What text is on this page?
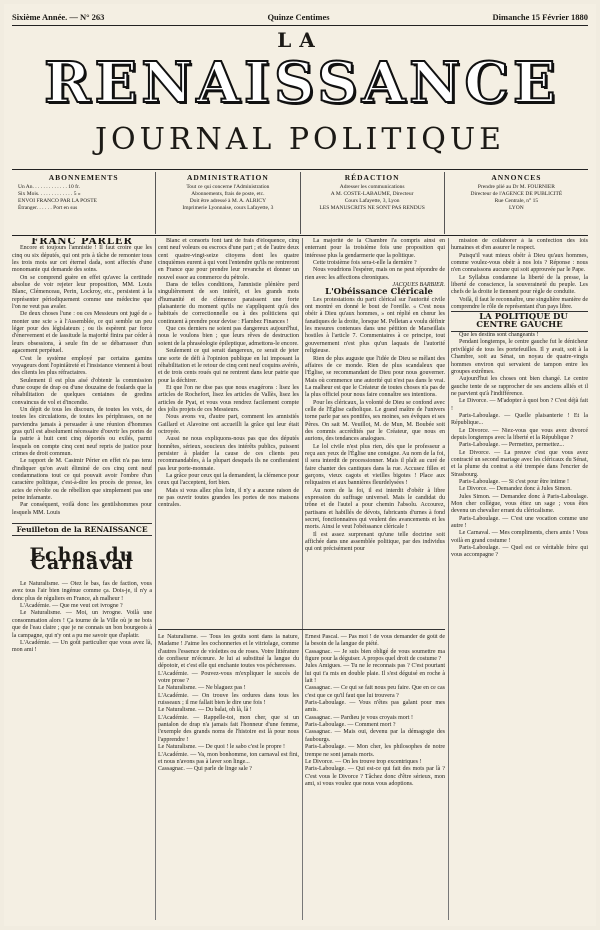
Sixième Année. — N° 263	Quinze Centimes	Dimanche 15 Février 1880
LA
RENAISSANCE
JOURNAL POLITIQUE
ABONNEMENTS

Un An. . . . . . . . . . . . . 10 fr.

Six Mois. . . . . . . . . . . . . 5 »

ENVOI FRANCO PAR LA POSTE

Étranger. . . . . . Port en sus

ADMINISTRATION

Tout ce qui concerne l'Administration

Abonnements, frais de poste, etc.

Doit être adressé à M. A. ALRICY

Imprimerie Lyonnaise, cours Lafayette, 3

RÉDACTION

Adresser les communications

A M. COSTE-LABAUME, Directeur

Cours Lafayette, 3, Lyon

LES MANUSCRITS NE SONT PAS RENDUS

ANNONCES

Prendre plié au Dr M. FOURNIER

Directeur de l'AGENCE DE PUBLICITÉ

Rue Centrale, n° 15

LYON

FRANC PARLER

Encore et toujours l'amnistie ! Il faut croire que les cinq ou six députés, qui ont pris à tâche de remonter tous les trois mois sur cet éternel dada, sont affectés d'une monomanie qui demande des soins.

On se comprend guère en effet qu'avec la certitude absolue de voir rejeter leur proposition, MM. Louis Blanc, Clémenceau, Perin, Lockroy, etc., persistent à la représenter périodiquement comme une médecine que l'on ne veut pas avaler.

De deux choses l'une : ou ces Messieurs ont jugé de » monter une scie » à l'Assemblée, ce qui semble un peu léger pour des législateurs ; ou ils espèrent par force d'énervement et de lassitude la majorité finira par céder à leurs obsessions, à seule fin de se débarrasser d'un agacement perpétuel.

C'est le système employé par certains gamins voyageurs dont l'opiniâtreté et l'insistance viennent à bout des clients les plus réfractaires.

Seulement il est plus aisé d'obtenir la commission d'une coupe de drap ou d'une douzaine de foulards que la réhabilitation de quelques centaines de gredins convaincus de vol et d'incendie.

Un dépit de tous les discours, de toutes les voix, de toutes les circulations, de toutes les périphrases, on ne parviendra jamais à persuader à une réunion d'hommes gras qu'il est absolument nécessaire d'ouvrir les portes de la patrie à huit cent cinq déportés ou exilés, parmi lesquels on compte cinq cent neuf repris de justice pour crimes de droit commun.

Le rapport de M. Casimir Périer en effet n'a pas tenu d'indiquer qu'on avait éliminé de ces cinq cent neuf condamnations tout ce qui pouvait avoir l'ombre d'un caractère politique, c'est-à-dire les procès de presse, les actes de révolte ou de rébellion que simplement pas une peine infamante.

Par conséquent, voilà donc les gentilshommes pour lesquels MM. Louis

Feuilleton de la RENAISSANCE
Echos du Carnaval

Le Naturalisme. — Otez le bas, fas de faction, vous avez tous l'air bien ingénue comme ça. Dois-je, il n'y a donc plus de réguliers en France, ah malheur !

L'Académie. — Que me veut cet ivrogne ?

Le Naturalisme. — Moi, un ivrogne. Voilà une consommation alors ! Ça tourne de la Ville où je ne bois que de l'eau claire ; que je ne connais un bon bourgeois à la campagne, qui n'y ont a pu me savoir que d'aplatir.

L'Académie. — Un goût particulier que vous avez là, mon ami !

Blanc et consorts font tant de frais d'éloquence, cinq cent neuf voleurs ou escrocs d'une part ; et de l'autre deux cent quatre-vingt-seize citoyens dont les quatre cinquièmes eurent à qui vont l'entendre qu'ils ne rentreront en France que pour prendre leur revanche et donner un nouvel essor au commerce du pétrole.

Dans de telles conditions, l'amnistie plénière perd singulièrement de son intérêt, et les grands mots d'humanité et de clémence paraissent une forte plaisanterie du moment qu'ils ne s'appliquent qu'à des habitués de correctionnelle ou à des politiciens qui continuent à prendre pour devise : Flambez Finances !

Que ces derniers ne soient pas dangereux aujourd'hui, nous le voulons bien ; que leurs rêves de destruction soient de la phraséologie épileptique, admettons-le encore.

Seulement ce qui serait dangereux, ce serait de jeter une sorte de défi à l'opinion publique en lui imposant la réhabilitation et le retour de cinq cent neuf coquins avérés, et de trois cents roués qui ne rentrent dans leur patrie que pour la déchirer.

Et que l'on ne dise pas que nous exagérons : lisez les articles de Rochefort, lisez les articles de Vallès, lisez les articles de Pyat, et vous vous rendrez facilement compte des jolis projets de ces Messieurs.

Nous avons vu, d'autre part, comment les amnistiés Gaillard et Alavoine ont accueilli la grâce qui leur était octroyée.

Aussi ne nous expliquons-nous pas que des députés honnêtes, sérieux, soucieux des intérêts publics, puissent persister à plaider la cause de ces clients peu recommandables, à la plupart desquels ils ne confieraient pas leur porte-monnaie.

La grâce pour ceux qui la demandent, la clémence pour ceux qui l'acceptent, fort bien.

Mais si vous allez plus loin, il n'y a aucune raison de ne pas ouvrir toutes grandes les portes de nos maisons centrales.

La majorité de la Chambre l'a compris ainsi en enterrant pour la troisième fois une proposition qui intéresse plus la gendarmerie que la politique.

Cette troisième fois sera-t-elle la dernière ?

Nous voudrions l'espérer, mais on ne peut répondre de rien avec les affections chroniques.

JACQUES BARBIER.

L'Obéissance Cléricale

Les protestations du parti clérical sur l'autorité civile ont montré en donné le bout de l'oreille. « C'est nous obéir à Dieu qu'aux hommes, » ont réplié en chœur les fanatiques de la droite, lorsque M. Pelletan a voulu définir les mesures contenues dans une pétition de Marseillais hostiles à l'article 7. Commentaires à ce principe, tout gouvernement n'est plus qu'un laquais de l'autorité religieuse.

Rien de plus auguste que l'idée de Dieu se mêlant des affaires de ce monde. Rien de plus scandaleux que l'Église, se recommandant de Dieu pour nous gouverner. Mais où commence une autorité qui n'est pas dans le vrai. La malheur est que le Créateur de toutes choses n'a pas de la plus officiel pour nous faire connaître ses intentions.

Pour les cléricaux, la volonté de Dieu se confond avec celle de l'Église catholique. Le grand maître de l'univers torne parle par ses pontifes, ses moines, ses évêques et ses Pères. On sait M. Veuillot, M. de Mun, M. Boubée soit des commis accrédités par le Créateur, que nous en aurions, des tendances analogues.

Le lol civile n'est plus rien, dès que le professeur a reçu aux yeux de l'Église une consigne. Au nom de la foi, il sera interdit de processionner. Mais il plaît au curé de faire chanter des cantiques dans la rue. Accusez filles et garçons, vieux cagots et vieilles bigotes ! Place aux reliquaires et aux bannières fleurdelysées !

Au nom de la foi, il est interdit d'obéir à libre expression du suffrage universel. Mais le candidat du trône et de l'autel a pour chemin l'absolu. Accourez, partisans et habillés de dévots, fabricants d'urnes à fond secret, fonctionnaires qui veulent des avancements et les morts. Ainsi le veut l'obéissance cléricale !

Il est assez surprenant qu'une telle doctrine soit affichée dans une assemblée politique, par des individus qui ont précisément pour

mission de collaborer à la confection des lois humaines et d'en assurer le respect.

Puisqu'il vaut mieux obéir à Dieu qu'aux hommes, comme voulez-vous obéir à nos lois ? Réponse : nous n'en connaissons aucune qui soit approuvée par le Pape.

Le Syllabus condamne la liberté de la presse, la liberté de conscience, la souveraineté du peuple. Les chefs de la droite le tiennent pour règle de conduite.

Voilà, il faut le reconnaître, une singulière manière de comprendre le rôle de représentant d'un pays libre.

LA POLITIQUE DU CENTRE GAUCHE

Que les destins sont changeants !

Pendant longtemps, le centre gauche fut le dénicheur privilégié de tous les portefeuilles. Il y avait, soit à la Chambre, soit au Sénat, un noyau de quatre-vingts hommes environ qui servaient de tampon entre les groupes extrêmes.

Aujourd'hui les choses ont bien changé. Le centre gauche tente de se rapprocher de ses anciens alliés et il ne parvient qu'à l'indifférence.

Le Divorce. — M'adopter à quoi bon ? C'est déjà fait !

Paris-Laboulage. — Quelle plaisanterie ! Et la République...

Le Divorce. — Niez-vous que vous avez divorcé depuis longtemps avec la liberté et la République ?

Paris-Laboulage. — Permettez, permettez...

Le Divorce. — La preuve c'est que vous avez contracté un second mariage avec les cléricaux du Sénat, et la plume du contrat a été trempée dans l'encrier de Strasbourg.

Paris-Laboulage. — Si c'est pour être intime !

Le Divorce. — Demandez donc à Jules Simon.

Jules Simon. — Demandez donc à Paris-Laboulage. Mon cher collègue, vous étiez un sage ; vous êtes devenu un chevalier errant du cléricalisme.

Paris-Laboulage. — C'est une vocation comme une autre !

Le Carnaval. — Mes compliments, chers amis ! Vous voilà en grand costume !

Paris-Laboulage. — Quel est ce véritable frère qui vous accompagne ?

Le Naturalisme. — Tous les goûts sont dans la nature, Madame ! J'aime les cochonneries et le vitriolage, comme d'autres l'essence de violettes ou de roses. Votre littérature de confiseur m'écœure. Je lui ai substitué la langue du dépotoir, et c'est elle qui enchante toutes vos pécheresses.

L'Académie. — Pouvez-vous m'expliquer le succès de votre prose ?

Le Naturalisme. — Ne blaguez pas !

L'Académie. — On trouve les ordures dans tous les ruisseaux ; il me fallait bien le dire une fois !

Le Naturalisme. — Du balai, oh là, là !

L'Académie. — Rappelle-toi, mon cher, que si un pantalon de drap n'a jamais fait l'honneur d'une femme, l'exemple des grands noms de l'histoire est là pour nous l'apprendre !

Le Naturalisme. — De quoi ! le sabo c'est le propre !

L'Académie. — Va, mon bonhomme, ton carnaval est fini, et nous n'avons pas à laver son linge...

Cassagnac. — Qui parle de linge sale ?

Ernest Pascal. — Pas moi ! de vous demander de goût de la besoin de la langue de piété.

Cassagnac. — Je suis bien obligé de vous soumettre ma figure pour la déguiser. A propos quel droit de costume ?

Jules Amigues. — Tu ne le reconnais pas ? C'est pourtant lui qui t'a mis en double plaie. Il s'est déguisé en roche à lait !

Cassagnac. — Ce qui se fait nous peu faire. Que en ce cas c'est que ce qu'il faut que lui trouvera ?

Paris-Laboulage. — Vous n'êtes pas galant pour mes amis.

Cassagnac. — Pardieu je vous croyais mort !

Paris-Laboulage. — Comment mort ?

Cassagnac. — Mais oui, devenu par la démagogie des faubourgs.

Paris-Laboulage. — Mon cher, les philosophes de notre trempe ne sont jamais morts.

Le Divorce. — On les trouve trop excentriques !

Paris-Laboulage. — Qui est-ce qui fait des mots par là ? C'est vous le Divorce ? Tâchez donc d'être sérieux, mon ami, si vous voulez que nous vous adoptions.
